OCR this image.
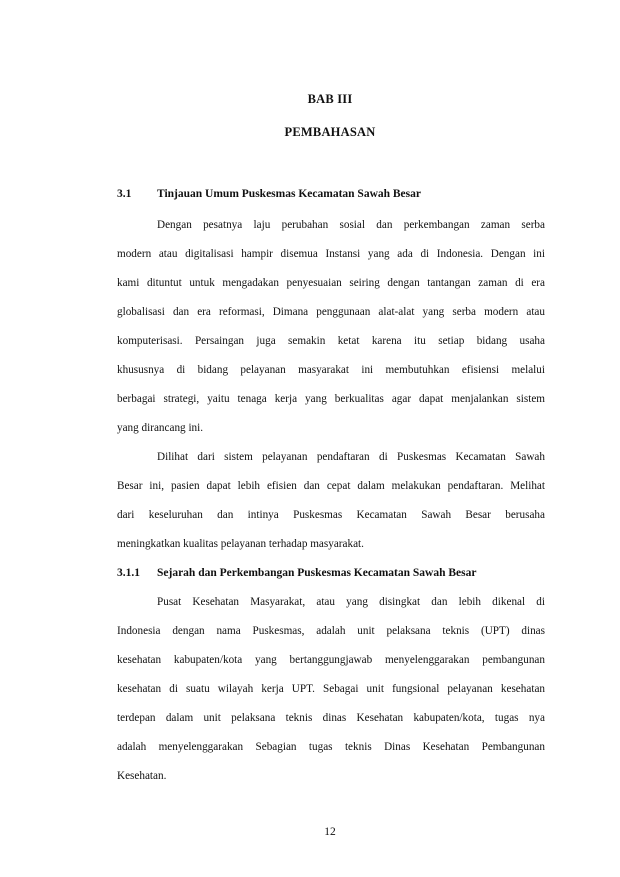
BAB III
PEMBAHASAN
3.1 Tinjauan Umum Puskesmas Kecamatan Sawah Besar
Dengan pesatnya laju perubahan sosial dan perkembangan zaman serba
modern atau digitalisasi hampir disemua Instansi yang ada di Indonesia. Dengan ini
kami dituntut untuk mengadakan penyesuaian seiring dengan tantangan zaman di era
globalisasi dan era reformasi, Dimana penggunaan alat-alat yang serba modern atau
komputerisasi. Persaingan juga semakin ketat karena itu setiap bidang usaha
khususnya di bidang pelayanan masyarakat ini membutuhkan efisiensi melalui
berbagai strategi, yaitu tenaga kerja yang berkualitas agar dapat menjalankan sistem
yang dirancang ini.
Dilihat dari sistem pelayanan pendaftaran di Puskesmas Kecamatan Sawah
Besar ini, pasien dapat lebih efisien dan cepat dalam melakukan pendaftaran. Melihat
dari keseluruhan dan intinya Puskesmas Kecamatan Sawah Besar berusaha
meningkatkan kualitas pelayanan terhadap masyarakat.
3.1.1 Sejarah dan Perkembangan Puskesmas Kecamatan Sawah Besar
Pusat Kesehatan Masyarakat, atau yang disingkat dan lebih dikenal di
Indonesia dengan nama Puskesmas, adalah unit pelaksana teknis (UPT) dinas
kesehatan kabupaten/kota yang bertanggungjawab menyelenggarakan pembangunan
kesehatan di suatu wilayah kerja UPT. Sebagai unit fungsional pelayanan kesehatan
terdepan dalam unit pelaksana teknis dinas Kesehatan kabupaten/kota, tugas nya
adalah menyelenggarakan Sebagian tugas teknis Dinas Kesehatan Pembangunan
Kesehatan.
12
